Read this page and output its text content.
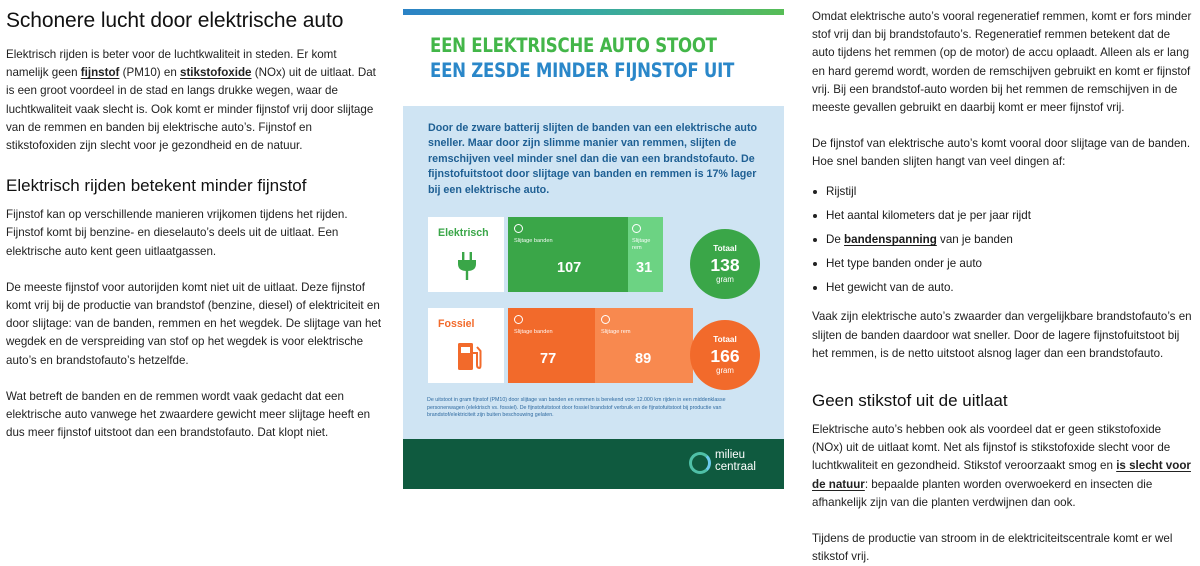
Schonere lucht door elektrische auto

Elektrisch rijden is beter voor de luchtkwaliteit in steden. Er komt namelijk geen fijnstof (PM10) en stikstofoxide (NOx) uit de uitlaat. Dat is een groot voordeel in de stad en langs drukke wegen, waar de luchtkwaliteit vaak slecht is. Ook komt er minder fijnstof vrij door slijtage van de remmen en banden bij elektrische auto’s. Fijnstof en stikstofoxiden zijn slecht voor je gezondheid en de natuur.

Elektrisch rijden betekent minder fijnstof

Fijnstof kan op verschillende manieren vrijkomen tijdens het rijden. Fijnstof komt bij benzine- en dieselauto’s deels uit de uitlaat. Een elektrische auto kent geen uitlaatgassen.

De meeste fijnstof voor autorijden komt niet uit de uitlaat. Deze fijnstof komt vrij bij de productie van brandstof (benzine, diesel) of elektriciteit en door slijtage: van de banden, remmen en het wegdek. De slijtage van het wegdek en de verspreiding van stof op het wegdek is voor elektrische auto’s en brandstofauto’s hetzelfde.

Wat betreft de banden en de remmen wordt vaak gedacht dat een elektrische auto vanwege het zwaardere gewicht meer slijtage heeft en dus meer fijnstof uitstoot dan een brandstofauto. Dat klopt niet.

EEN ELEKTRISCHE AUTO STOOT
EEN ZESDE MINDER FIJNSTOF UIT
Door de zware batterij slijten de banden van een elektrische auto sneller. Maar door zijn slimme manier van remmen, slijten de remschijven veel minder snel dan die van een brandstofauto. De fijnstofuitstoot door slijtage van banden en remmen is 17% lager bij een elektrische auto.
Elektrisch
Slijtage banden
107
Slijtage rem
31
Totaal
138
gram
Fossiel
Slijtage banden
77
Slijtage rem
89
Totaal
166
gram
De uitstoot in gram fijnstof (PM10) door slijtage van banden en remmen is berekend voor 12.000 km rijden in een middenklasse personenwagen (elektrisch vs. fossiel). De fijnstofuitstoot door fossiel brandstof verbruik en de fijnstofuitstoot bij productie van brandstof/elektriciteit zijn buiten beschouwing gelaten.
milieu
centraal

Omdat elektrische auto’s vooral regeneratief remmen, komt er fors minder stof vrij dan bij brandstofauto’s. Regeneratief remmen betekent dat de auto tijdens het remmen (op de motor) de accu oplaadt. Alleen als er lang en hard geremd wordt, worden de remschijven gebruikt en komt er fijnstof vrij. Bij een brandstof-auto worden bij het remmen de remschijven in de meeste gevallen gebruikt en daarbij komt er meer fijnstof vrij.

De fijnstof van elektrische auto’s komt vooral door slijtage van de banden. Hoe snel banden slijten hangt van veel dingen af:

Rijstijl
Het aantal kilometers dat je per jaar rijdt
De bandenspanning van je banden
Het type banden onder je auto
Het gewicht van de auto.

Vaak zijn elektrische auto’s zwaarder dan vergelijkbare brandstofauto’s en slijten de banden daardoor wat sneller. Door de lagere fijnstofuitstoot bij het remmen, is de netto uitstoot alsnog lager dan een brandstofauto.

Geen stikstof uit de uitlaat

Elektrische auto’s hebben ook als voordeel dat er geen stikstofoxide (NOx) uit de uitlaat komt. Net als fijnstof is stikstofoxide slecht voor de luchtkwaliteit en gezondheid. Stikstof veroorzaakt smog en is slecht voor de natuur: bepaalde planten worden overwoekerd en insecten die afhankelijk zijn van die planten verdwijnen dan ook.

Tijdens de productie van stroom in de elektriciteitscentrale komt er wel stikstof vrij.
